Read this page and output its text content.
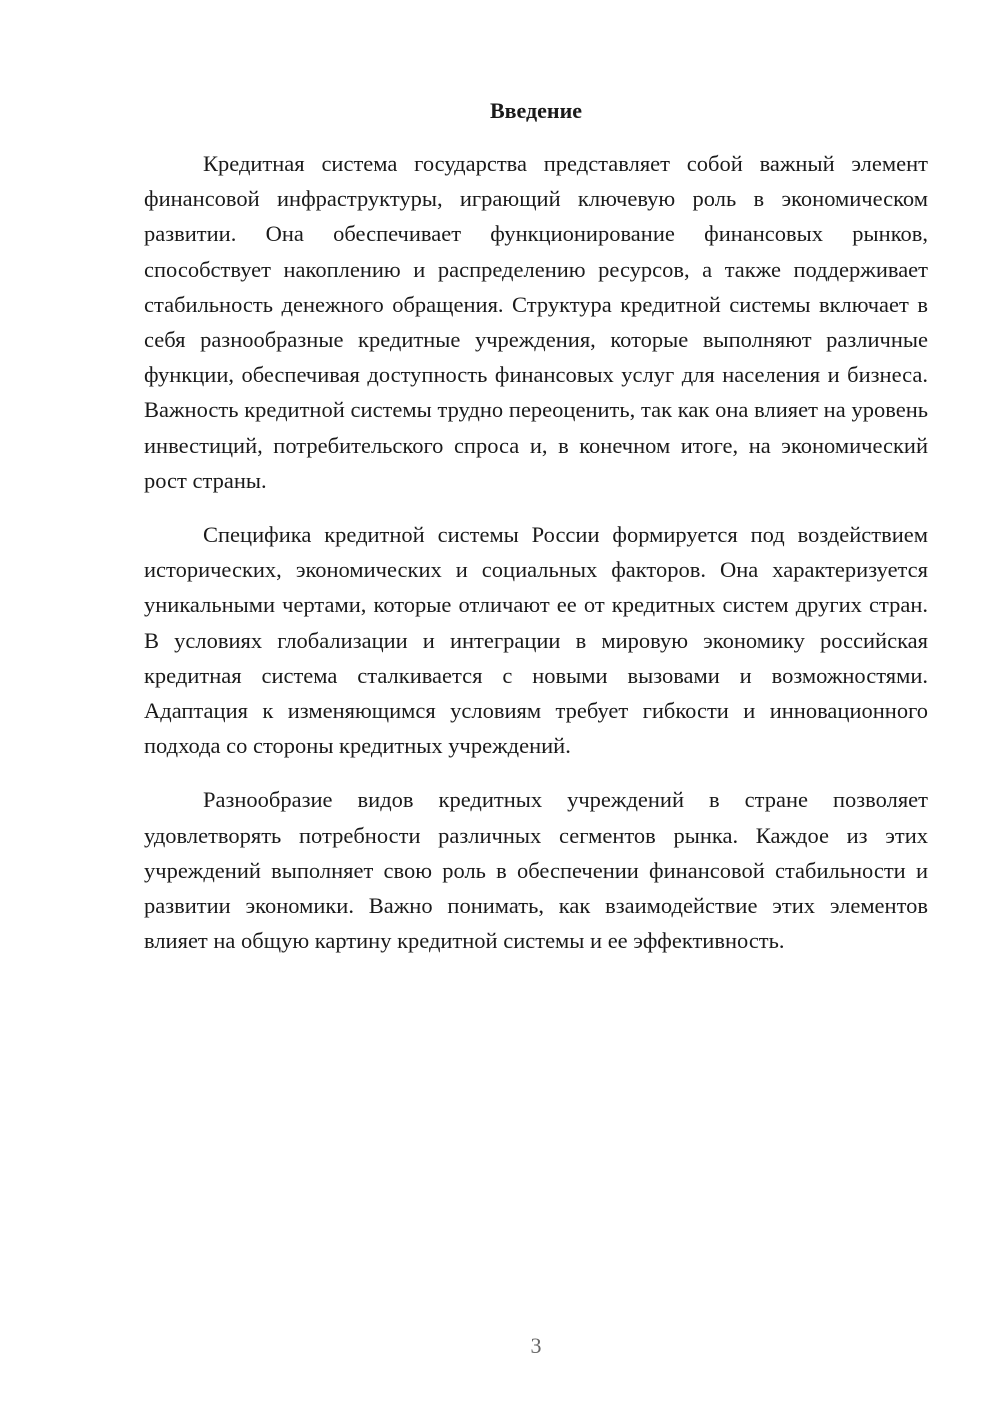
Введение

Кредитная система государства представляет собой важный элемент финансовой инфраструктуры, играющий ключевую роль в экономическом развитии. Она обеспечивает функционирование финансовых рынков, способствует накоплению и распределению ресурсов, а также поддерживает стабильность денежного обращения. Структура кредитной системы включает в себя разнообразные кредитные учреждения, которые выполняют различные функции, обеспечивая доступность финансовых услуг для населения и бизнеса. Важность кредитной системы трудно переоценить, так как она влияет на уровень инвестиций, потребительского спроса и, в конечном итоге, на экономический рост страны.

Специфика кредитной системы России формируется под воздействием исторических, экономических и социальных факторов. Она характеризуется уникальными чертами, которые отличают ее от кредитных систем других стран. В условиях глобализации и интеграции в мировую экономику российская кредитная система сталкивается с новыми вызовами и возможностями. Адаптация к изменяющимся условиям требует гибкости и инновационного подхода со стороны кредитных учреждений.

Разнообразие видов кредитных учреждений в стране позволяет удовлетворять потребности различных сегментов рынка. Каждое из этих учреждений выполняет свою роль в обеспечении финансовой стабильности и развитии экономики. Важно понимать, как взаимодействие этих элементов влияет на общую картину кредитной системы и ее эффективность.

3
